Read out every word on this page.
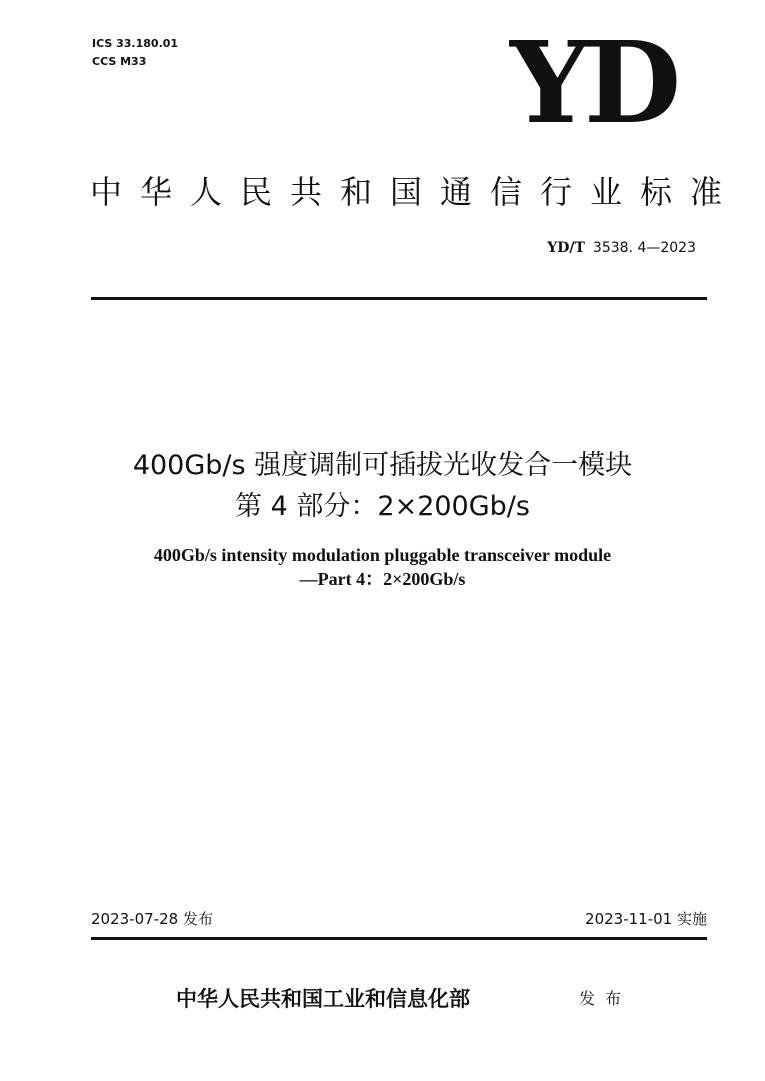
ICS 33.180.01
CCS M33	YD
中华人民共和国通信行业标准
YD/T 3538. 4—2023
400Gb/s 强度调制可插拔光收发合一模块
第 4 部分：2×200Gb/s
400Gb/s intensity modulation pluggable transceiver module
—Part 4：2×200Gb/s
2023-07-28 发布	2023-11-01 实施
中华人民共和国工业和信息化部	发布
